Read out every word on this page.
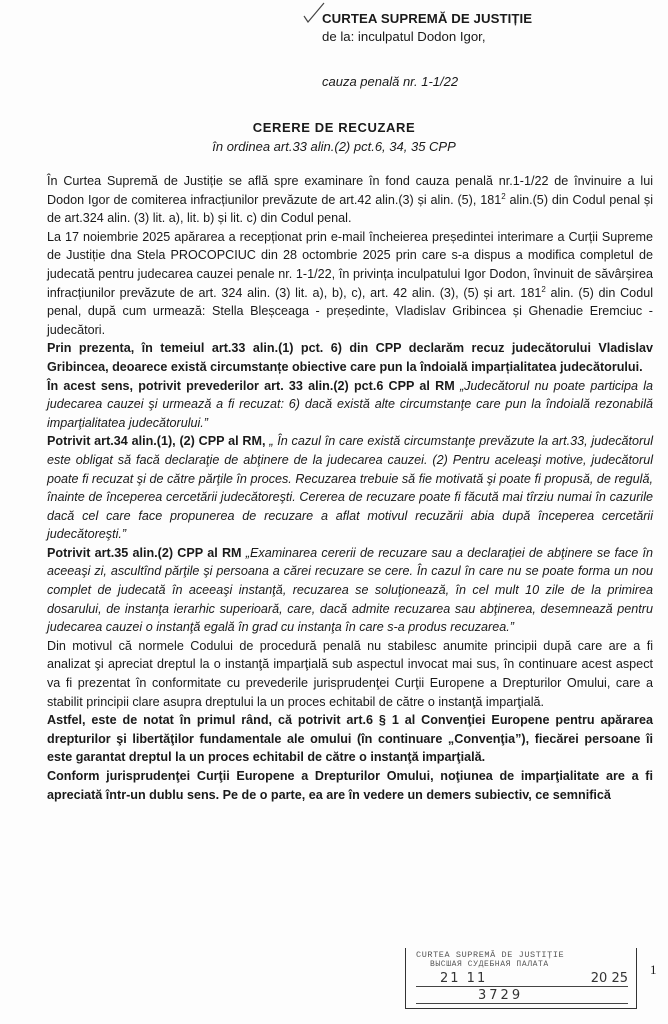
CURTEA SUPREMĂ DE JUSTIȚIE
de la: inculpatul Dodon Igor,
cauza penală nr. 1-1/22
CERERE DE RECUZARE
în ordinea art.33 alin.(2) pct.6, 34, 35 CPP

În Curtea Supremă de Justiție se află spre examinare în fond cauza penală nr.1-1/22 de învinuire a lui Dodon Igor de comiterea infracțiunilor prevăzute de art.42 alin.(3) și alin. (5), $181^2$ alin.(5) din Codul penal și de art.324 alin. (3) lit. a), lit. b) și lit. c) din Codul penal.

La 17 noiembrie 2025 apărarea a recepționat prin e-mail încheierea președintei interimare a Curții Supreme de Justiție dna Stela PROCOPCIUC din 28 octombrie 2025 prin care s-a dispus a modifica completul de judecată pentru judecarea cauzei penale nr. 1-1/22, în privința inculpatului Igor Dodon, învinuit de săvârșirea infracțiunilor prevăzute de art. 324 alin. (3) lit. a), b), c), art. 42 alin. (3), (5) și art. $181^2$ alin. (5) din Codul penal, după cum urmează: Stella Bleșceaga - președinte, Vladislav Gribincea și Ghenadie Eremciuc - judecători.

Prin prezenta, în temeiul art.33 alin.(1) pct. 6) din CPP declarăm recuz judecătorului Vladislav Gribincea, deoarece există circumstanțe obiective care pun la îndoială imparțialitatea judecătorului.

În acest sens, potrivit prevederilor art. 33 alin.(2) pct.6 CPP al RM „Judecătorul nu poate participa la judecarea cauzei şi urmează a fi recuzat: 6) dacă există alte circumstanţe care pun la îndoială rezonabilă imparţialitatea judecătorului.”

Potrivit art.34 alin.(1), (2) CPP al RM, „ În cazul în care există circumstanţe prevăzute la art.33, judecătorul este obligat să facă declaraţie de abţinere de la judecarea cauzei. (2) Pentru aceleaşi motive, judecătorul poate fi recuzat şi de către părţile în proces. Recuzarea trebuie să fie motivată şi poate fi propusă, de regulă, înainte de începerea cercetării judecătoreşti. Cererea de recuzare poate fi făcută mai tîrziu numai în cazurile dacă cel care face propunerea de recuzare a aflat motivul recuzării abia după începerea cercetării judecătoreşti.”

Potrivit art.35 alin.(2) CPP al RM „Examinarea cererii de recuzare sau a declaraţiei de abţinere se face în aceeaşi zi, ascultînd părţile şi persoana a cărei recuzare se cere. În cazul în care nu se poate forma un nou complet de judecată în aceeaşi instanţă, recuzarea se soluţionează, în cel mult 10 zile de la primirea dosarului, de instanţa ierarhic superioară, care, dacă admite recuzarea sau abţinerea, desemnează pentru judecarea cauzei o instanţă egală în grad cu instanţa în care s-a produs recuzarea.”

Din motivul că normele Codului de procedură penală nu stabilesc anumite principii după care are a fi analizat şi apreciat dreptul la o instanţă imparţială sub aspectul invocat mai sus, în continuare acest aspect va fi prezentat în conformitate cu prevederile jurisprudenţei Curţii Europene a Drepturilor Omului, care a stabilit principii clare asupra dreptului la un proces echitabil de către o instanţă imparţială.

Astfel, este de notat în primul rând, că potrivit art.6 § 1 al Convenţiei Europene pentru apărarea drepturilor şi libertăţilor fundamentale ale omului (în continuare „Convenţia”), fiecărei persoane îi este garantat dreptul la un proces echitabil de către o instanţă imparţială.

Conform jurisprudenţei Curţii Europene a Drepturilor Omului, noţiunea de imparţialitate are a fi apreciată într-un dublu sens. Pe de o parte, ea are în vedere un demers subiectiv, ce semnifică

CURTEA SUPREMĂ DE JUSTIȚIE
ВЫСШАЯ СУДЕБНАЯ ПАЛАТА
21 11	20 25
3729
1
